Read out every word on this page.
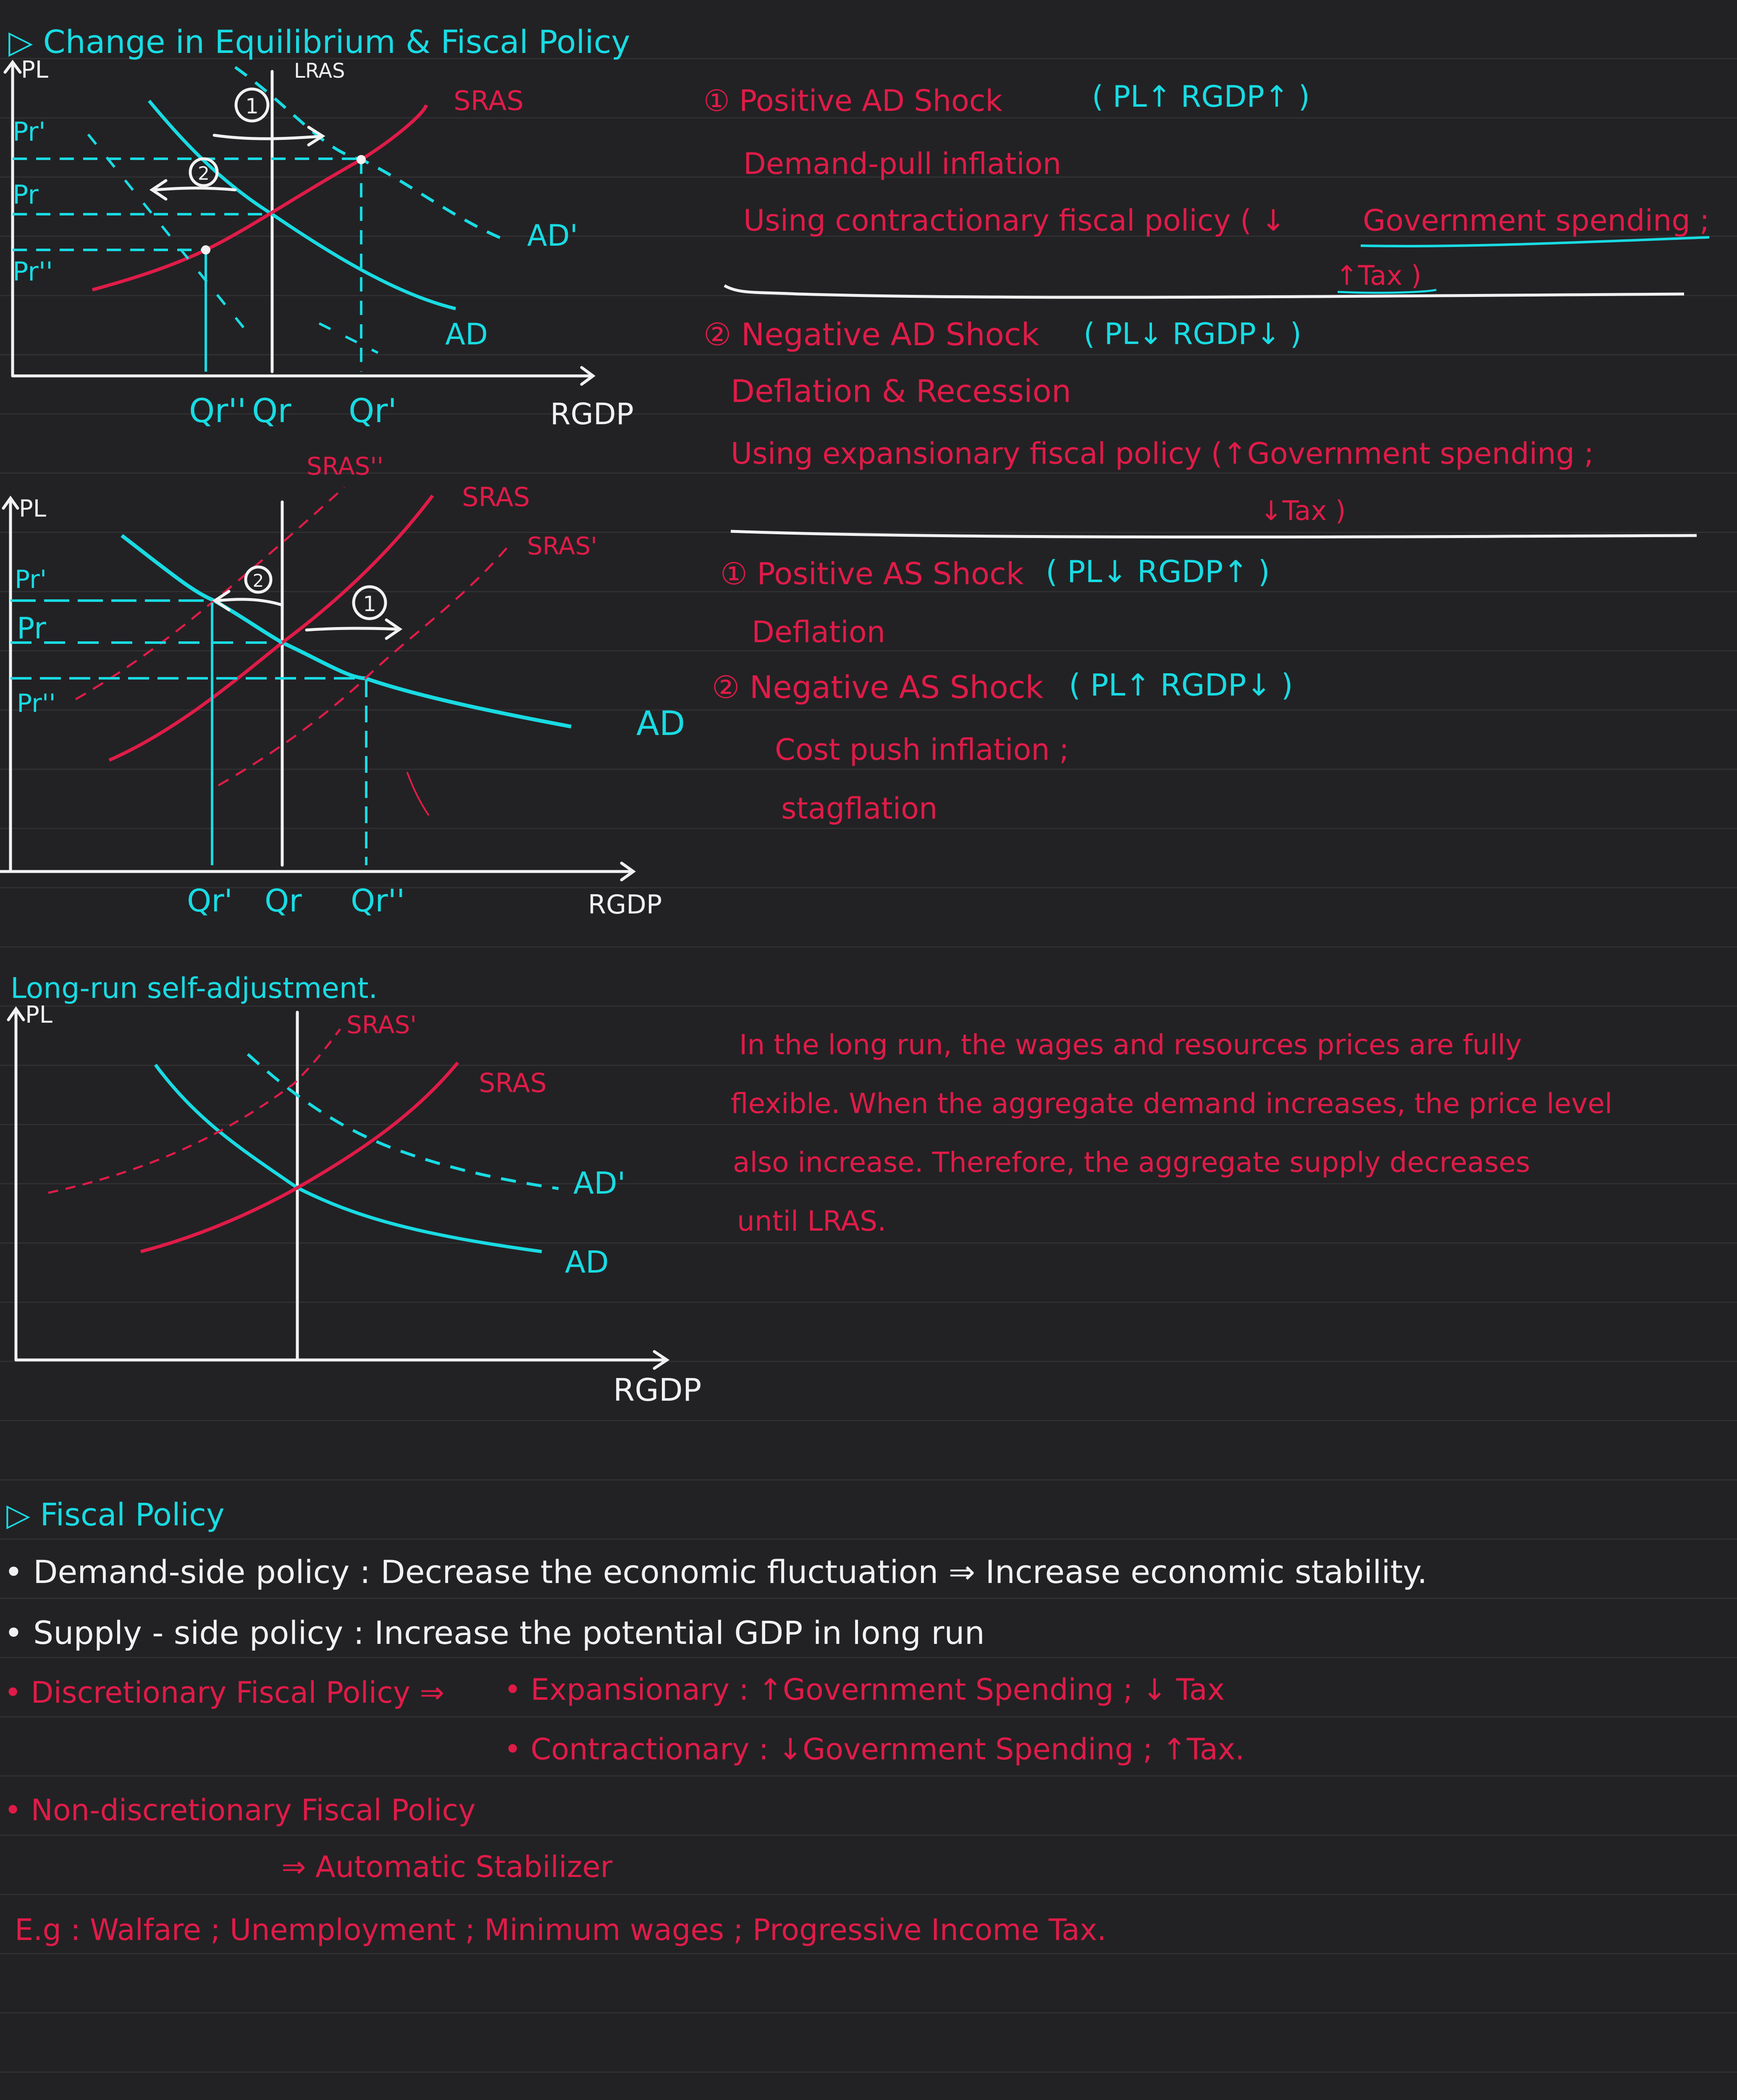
▷ Change in Equilibrium & Fiscal Policy
1
2
PL	LRAS
SRAS
AD'
AD
Pr'
Pr
Pr''
Qr'' Qr Qr'	RGDP
① Positive AD Shock	( PL↑ RGDP↑ )
Demand-pull inflation
Using contractionary fiscal policy ( ↓	Government spending ;
↑Tax )
② Negative AD Shock ( PL↓ RGDP↓ )
Deflation & Recession
Using expansionary fiscal policy (↑Government spending ;
↓Tax )
2
1
PL
SRAS''
SRAS
SRAS'
AD
Pr'
Pr
Pr''
Qr' Qr Qr''	RGDP
① Positive AS Shock ( PL↓ RGDP↑ )
Deflation
② Negative AS Shock ( PL↑ RGDP↓ )
Cost push inflation ;
stagflation
Long-run self-adjustment.
PL	SRAS'
SRAS
AD'
AD
RGDP
In the long run, the wages and resources prices are fully
flexible. When the aggregate demand increases, the price level
also increase. Therefore, the aggregate supply decreases
until LRAS.
▷ Fiscal Policy
• Demand-side policy : Decrease the economic fluctuation ⇒ Increase economic stability.
• Supply - side policy : Increase the potential GDP in long run
• Discretionary Fiscal Policy ⇒ • Expansionary : ↑Government Spending ; ↓ Tax
• Contractionary : ↓Government Spending ; ↑Tax.
• Non-discretionary Fiscal Policy
⇒ Automatic Stabilizer
E.g : Walfare ; Unemployment ; Minimum wages ; Progressive Income Tax.
